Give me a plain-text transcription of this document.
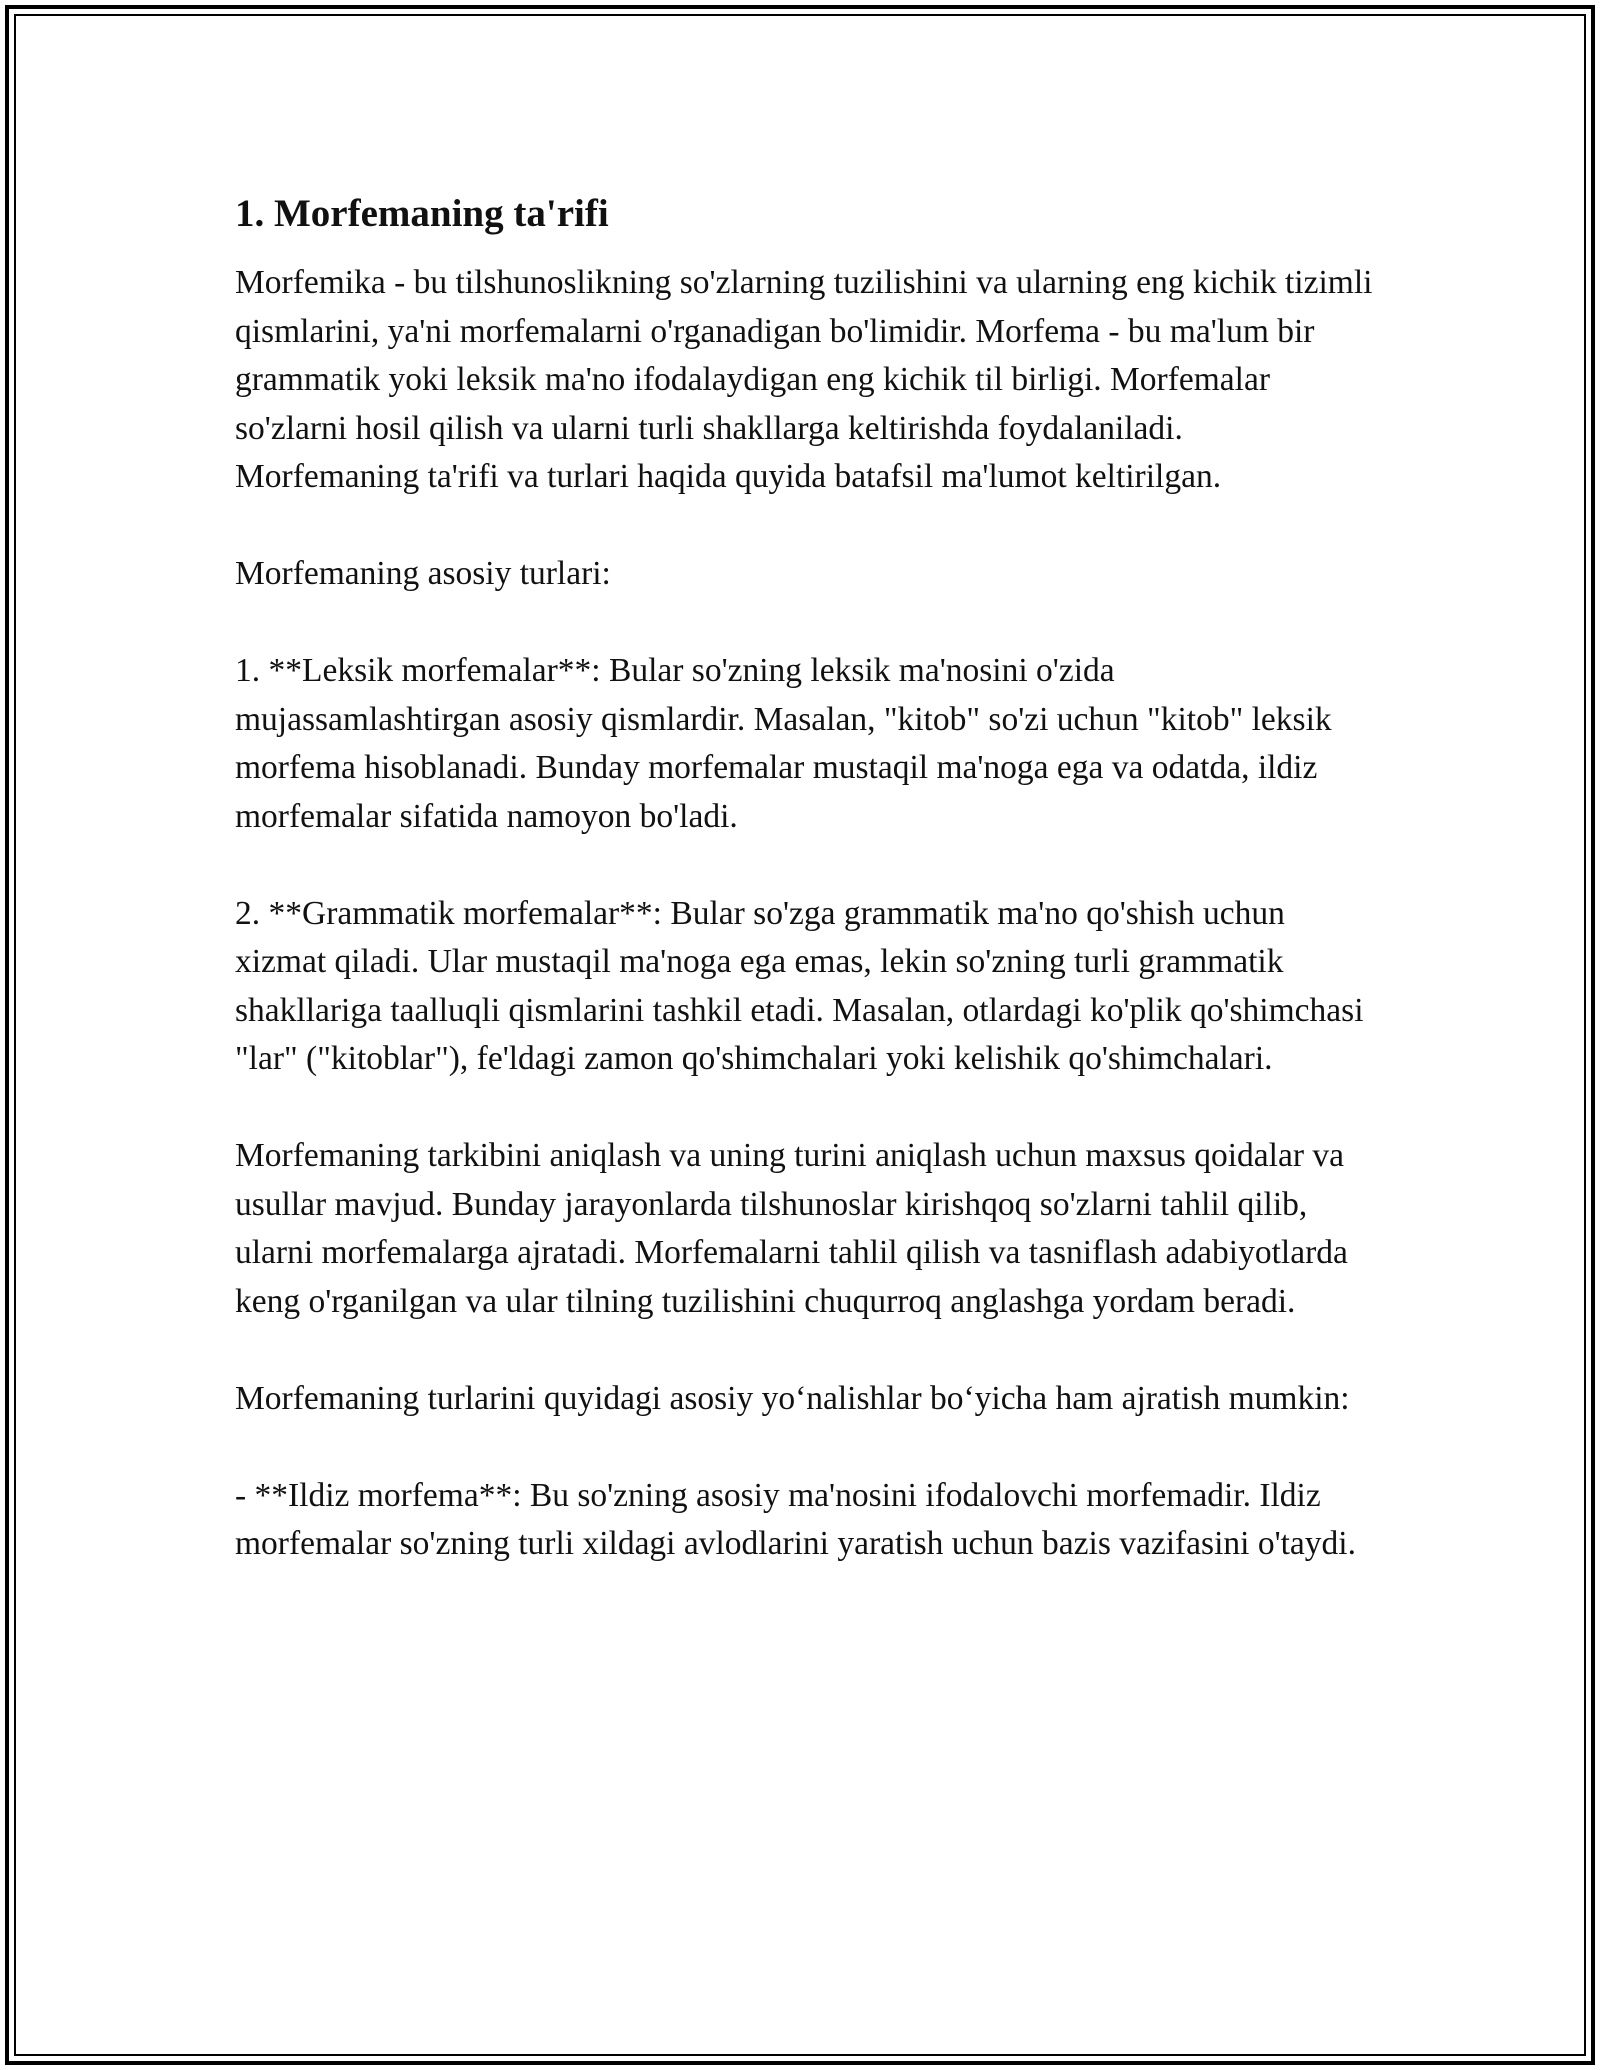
1. Morfemaning ta'rifi

Morfemika - bu tilshunoslikning so'zlarning tuzilishini va ularning eng kichik tizimli qismlarini, ya'ni morfemalarni o'rganadigan bo'limidir. Morfema - bu ma'lum bir grammatik yoki leksik ma'no ifodalaydigan eng kichik til birligi. Morfemalar so'zlarni hosil qilish va ularni turli shakllarga keltirishda foydalaniladi. Morfemaning ta'rifi va turlari haqida quyida batafsil ma'lumot keltirilgan.

Morfemaning asosiy turlari:

1. **Leksik morfemalar**: Bular so'zning leksik ma'nosini o'zida mujassamlashtirgan asosiy qismlardir. Masalan, "kitob" so'zi uchun "kitob" leksik morfema hisoblanadi. Bunday morfemalar mustaqil ma'noga ega va odatda, ildiz morfemalar sifatida namoyon bo'ladi.

2. **Grammatik morfemalar**: Bular so'zga grammatik ma'no qo'shish uchun xizmat qiladi. Ular mustaqil ma'noga ega emas, lekin so'zning turli grammatik shakllariga taalluqli qismlarini tashkil etadi. Masalan, otlardagi ko'plik qo'shimchasi "lar" ("kitoblar"), fe'ldagi zamon qo'shimchalari yoki kelishik qo'shimchalari.

Morfemaning tarkibini aniqlash va uning turini aniqlash uchun maxsus qoidalar va usullar mavjud. Bunday jarayonlarda tilshunoslar kirishqoq so'zlarni tahlil qilib, ularni morfemalarga ajratadi. Morfemalarni tahlil qilish va tasniflash adabiyotlarda keng o'rganilgan va ular tilning tuzilishini chuqurroq anglashga yordam beradi.

Morfemaning turlarini quyidagi asosiy yo‘nalishlar bo‘yicha ham ajratish mumkin:

- **Ildiz morfema**: Bu so'zning asosiy ma'nosini ifodalovchi morfemadir. Ildiz morfemalar so'zning turli xildagi avlodlarini yaratish uchun bazis vazifasini o'taydi.
